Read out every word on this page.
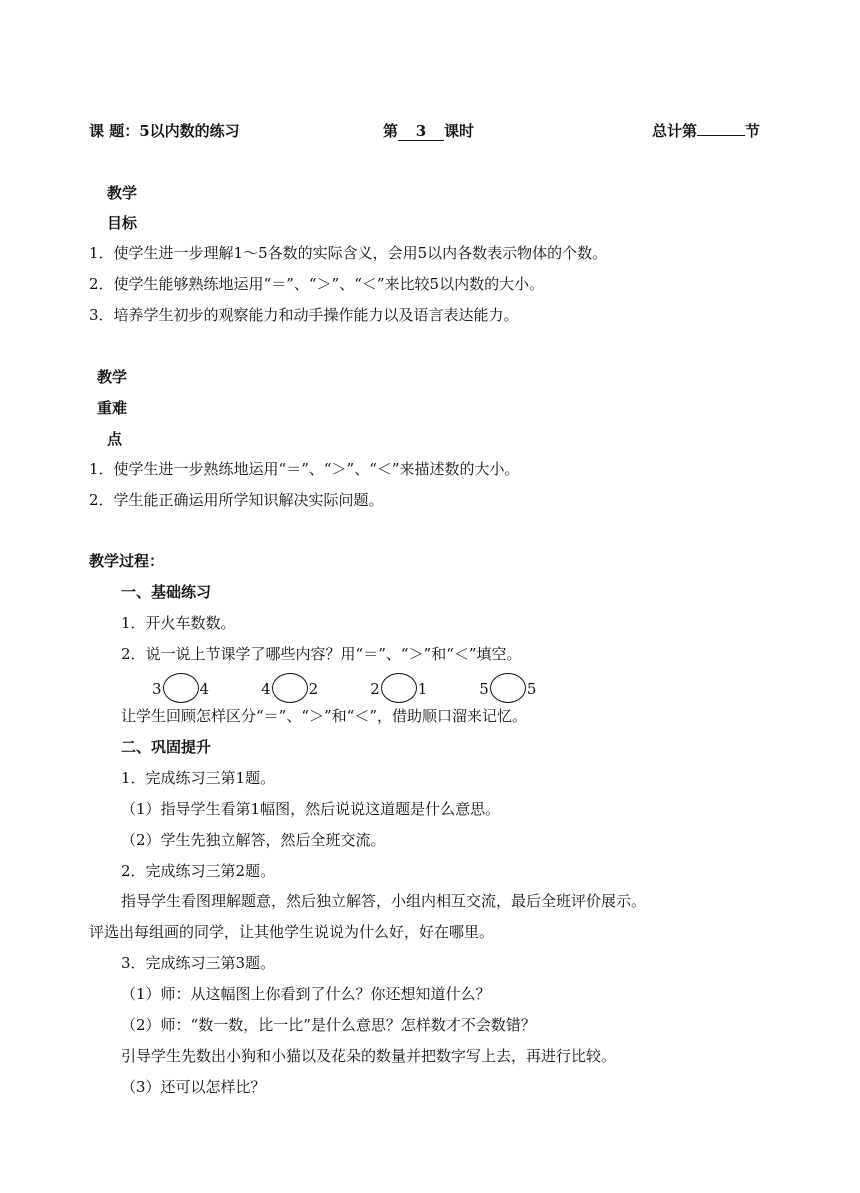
课 题：5以内数的练习	第 3 课时	总计第	节
教学
目标
1．使学生进一步理解1～5各数的实际含义，会用5以内各数表示物体的个数。
2．使学生能够熟练地运用“＝”、“＞”、“＜”来比较5以内数的大小。
3．培养学生初步的观察能力和动手操作能力以及语言表达能力。
教学
重难
点
1．使学生进一步熟练地运用“＝”、“＞”、“＜”来描述数的大小。
2．学生能正确运用所学知识解决实际问题。
教学过程：
一、基础练习
1．开火车数数。
2．说一说上节课学了哪些内容？用“＝”、“＞”和“＜”填空。
3	4	4	2	2	1	5	5
让学生回顾怎样区分“＝”、“＞”和“＜”，借助顺口溜来记忆。
二、巩固提升
1．完成练习三第1题。
（1）指导学生看第1幅图，然后说说这道题是什么意思。
（2）学生先独立解答，然后全班交流。
2．完成练习三第2题。
指导学生看图理解题意，然后独立解答，小组内相互交流，最后全班评价展示。
评选出每组画的同学，让其他学生说说为什么好，好在哪里。
3．完成练习三第3题。
（1）师：从这幅图上你看到了什么？你还想知道什么？
（2）师：“数一数，比一比”是什么意思？怎样数才不会数错？
引导学生先数出小狗和小猫以及花朵的数量并把数字写上去，再进行比较。
（3）还可以怎样比？
